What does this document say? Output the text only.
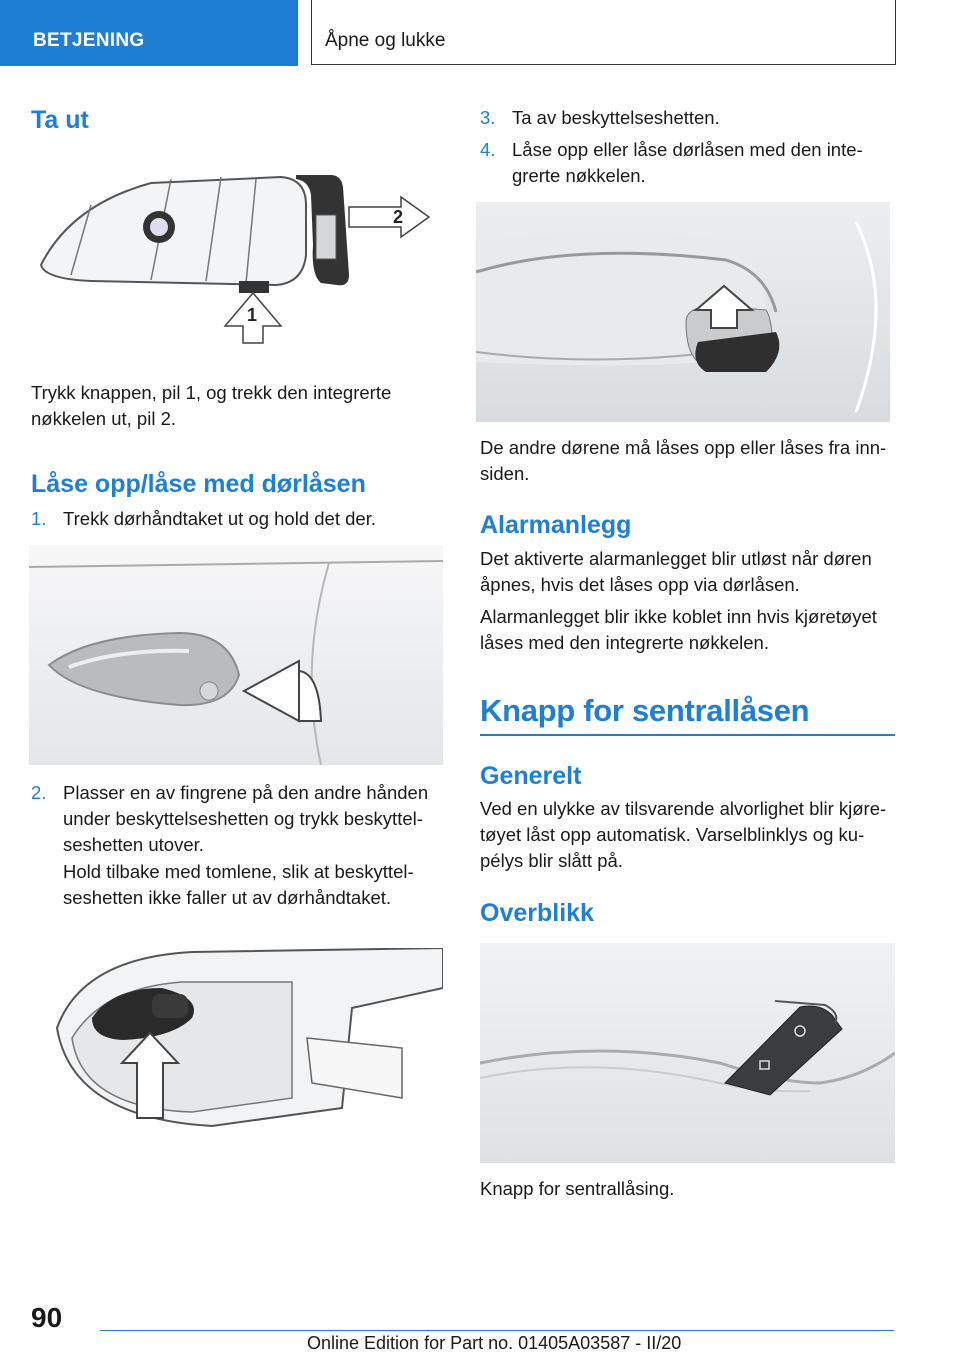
BETJENING	Åpne og lukke
Ta ut
2
1

Trykk knappen, pil 1, og trekk den integrerte nøkkelen ut, pil 2.

Låse opp/låse med dørlåsen
1. Trekk dørhåndtaket ut og hold det der.
2. Plasser en av fingrene på den andre hånden under beskyttelseshetten og trykk beskyttelseshetten utover.

Hold tilbake med tomlene, slik at beskyttelseshetten ikke faller ut av dørhåndtaket.

3. Ta av beskyttelseshetten.
4. Låse opp eller låse dørlåsen med den integrerte nøkkelen.

De andre dørene må låses opp eller låses fra innsiden.

Alarmanlegg

Det aktiverte alarmanlegget blir utløst når døren åpnes, hvis det låses opp via dørlåsen.

Alarmanlegget blir ikke koblet inn hvis kjøretøyet låses med den integrerte nøkkelen.

Knapp for sentrallåsen
Generelt

Ved en ulykke av tilsvarende alvorlighet blir kjøretøyet låst opp automatisk. Varselblinklys og kupélys blir slått på.

Overblikk

Knapp for sentrallåsing.

90
Online Edition for Part no. 01405A03587 - II/20
